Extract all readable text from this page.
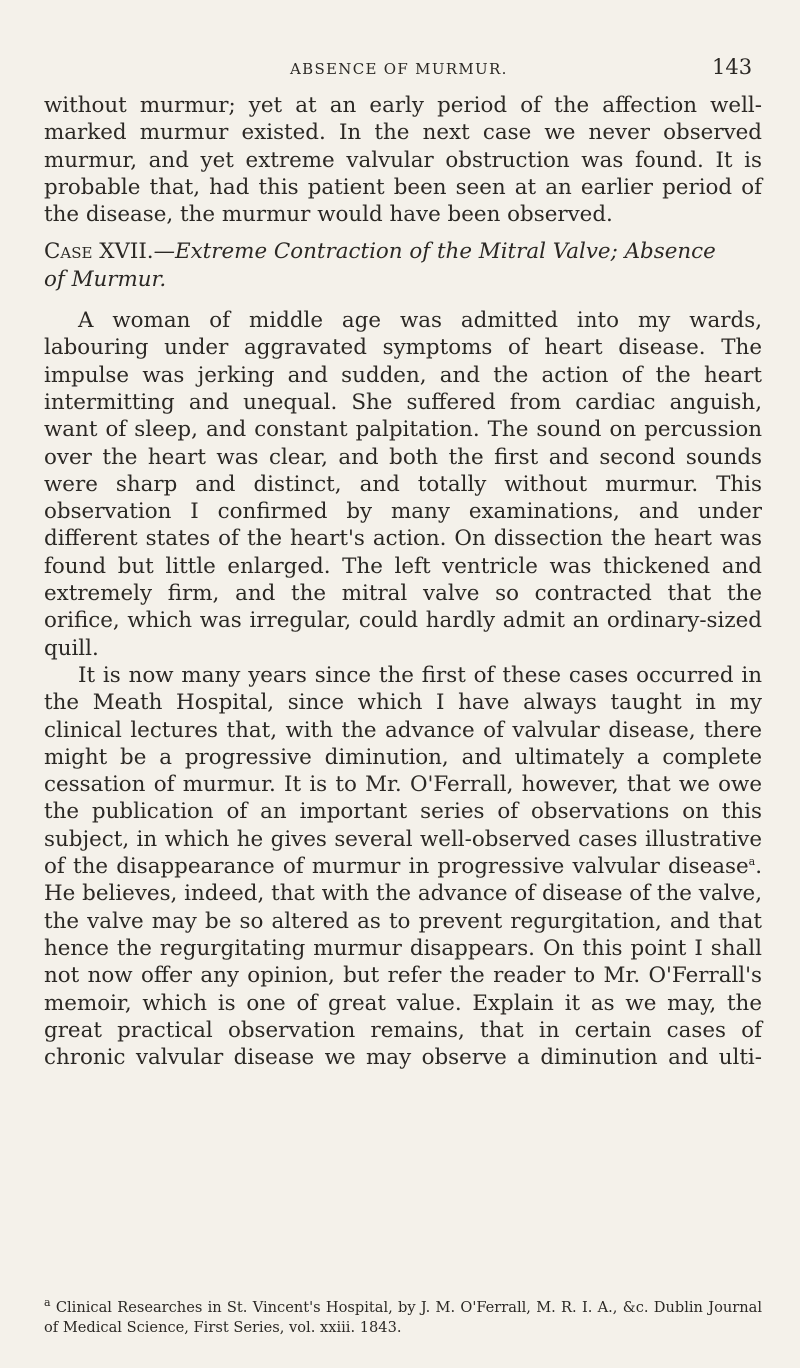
ABSENCE OF MURMUR.	143

without murmur; yet at an early period of the affection well-marked murmur existed. In the next case we never observed murmur, and yet extreme valvular obstruction was found. It is probable that, had this patient been seen at an earlier period of the disease, the murmur would have been observed.

Case XVII.—Extreme Contraction of the Mitral Valve; Absence
of Murmur.

A woman of middle age was admitted into my wards, labouring under aggravated symptoms of heart disease. The impulse was jerking and sudden, and the action of the heart intermitting and unequal. She suffered from cardiac anguish, want of sleep, and constant palpitation. The sound on percussion over the heart was clear, and both the first and second sounds were sharp and distinct, and totally without murmur. This observation I confirmed by many examinations, and under different states of the heart's action. On dissection the heart was found but little enlarged. The left ventricle was thickened and extremely firm, and the mitral valve so contracted that the orifice, which was irregular, could hardly admit an ordinary-sized quill.

It is now many years since the first of these cases occurred in the Meath Hospital, since which I have always taught in my clinical lectures that, with the advance of valvular disease, there might be a progressive diminution, and ultimately a complete cessation of murmur. It is to Mr. O'Ferrall, however, that we owe the publication of an important series of observations on this subject, in which he gives several well-observed cases illustrative of the disappearance of murmur in progressive valvular disease$^a$. He believes, indeed, that with the advance of disease of the valve, the valve may be so altered as to prevent regurgitation, and that hence the regurgitating murmur disappears. On this point I shall not now offer any opinion, but refer the reader to Mr. O'Ferrall's memoir, which is one of great value. Explain it as we may, the great practical observation remains, that in certain cases of chronic valvular disease we may observe a diminution and ulti-

$^a$ Clinical Researches in St. Vincent's Hospital, by J. M. O'Ferrall, M. R. I. A., &c. Dublin Journal of Medical Science, First Series, vol. xxiii. 1843.
